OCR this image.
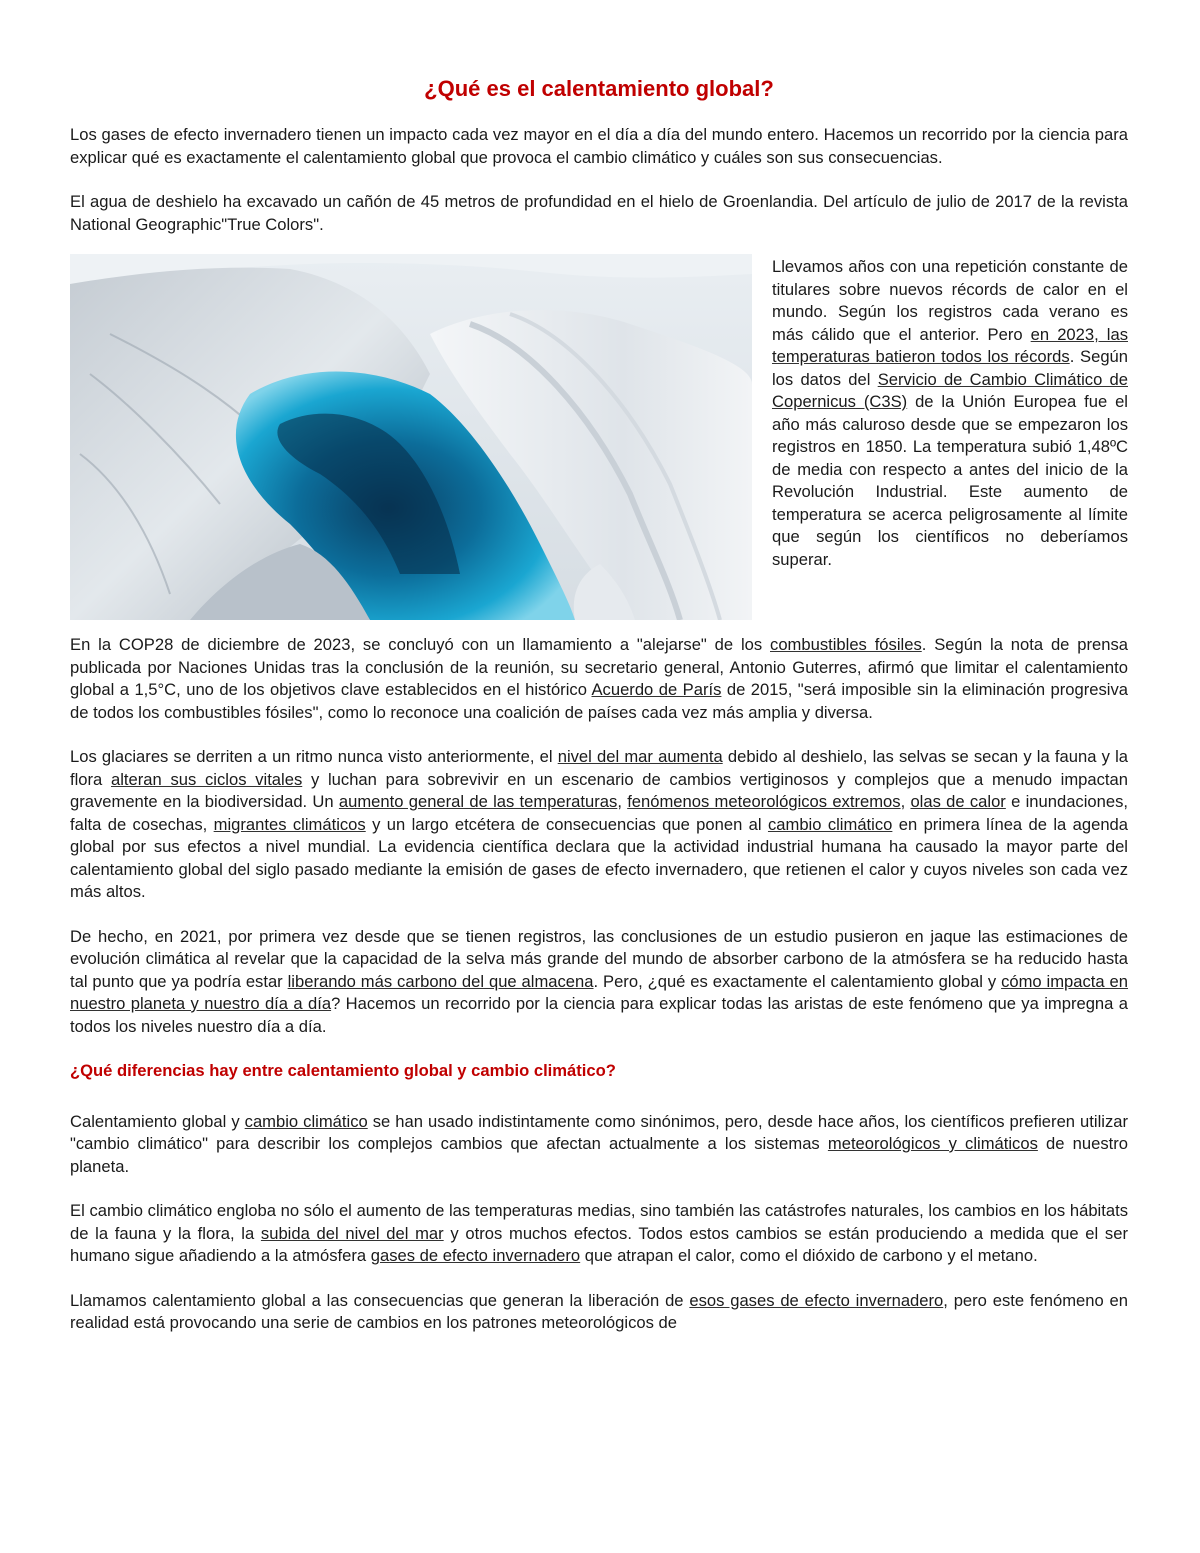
¿Qué es el calentamiento global?

Los gases de efecto invernadero tienen un impacto cada vez mayor en el día a día del mundo entero. Hacemos un recorrido por la ciencia para explicar qué es exactamente el calentamiento global que provoca el cambio climático y cuáles son sus consecuencias.

El agua de deshielo ha excavado un cañón de 45 metros de profundidad en el hielo de Groenlandia. Del artículo de julio de 2017 de la revista National Geographic"True Colors".

Llevamos años con una repetición constante de titulares sobre nuevos récords de calor en el mundo. Según los registros cada verano es más cálido que el anterior. Pero en 2023, las temperaturas batieron todos los récords. Según los datos del Servicio de Cambio Climático de Copernicus (C3S) de la Unión Europea fue el año más caluroso desde que se empezaron los registros en 1850. La temperatura subió 1,48ºC de media con respecto a antes del inicio de la Revolución Industrial. Este aumento de temperatura se acerca peligrosamente al límite que según los científicos no deberíamos superar.

En la COP28 de diciembre de 2023, se concluyó con un llamamiento a "alejarse" de los combustibles fósiles. Según la nota de prensa publicada por Naciones Unidas tras la conclusión de la reunión, su secretario general, Antonio Guterres, afirmó que limitar el calentamiento global a 1,5°C, uno de los objetivos clave establecidos en el histórico Acuerdo de París de 2015, "será imposible sin la eliminación progresiva de todos los combustibles fósiles", como lo reconoce una coalición de países cada vez más amplia y diversa.

Los glaciares se derriten a un ritmo nunca visto anteriormente, el nivel del mar aumenta debido al deshielo, las selvas se secan y la fauna y la flora alteran sus ciclos vitales y luchan para sobrevivir en un escenario de cambios vertiginosos y complejos que a menudo impactan gravemente en la biodiversidad. Un aumento general de las temperaturas, fenómenos meteorológicos extremos, olas de calor e inundaciones, falta de cosechas, migrantes climáticos y un largo etcétera de consecuencias que ponen al cambio climático en primera línea de la agenda global por sus efectos a nivel mundial. La evidencia científica declara que la actividad industrial humana ha causado la mayor parte del calentamiento global del siglo pasado mediante la emisión de gases de efecto invernadero, que retienen el calor y cuyos niveles son cada vez más altos.

De hecho, en 2021, por primera vez desde que se tienen registros, las conclusiones de un estudio pusieron en jaque las estimaciones de evolución climática al revelar que la capacidad de la selva más grande del mundo de absorber carbono de la atmósfera se ha reducido hasta tal punto que ya podría estar liberando más carbono del que almacena. Pero, ¿qué es exactamente el calentamiento global y cómo impacta en nuestro planeta y nuestro día a día? Hacemos un recorrido por la ciencia para explicar todas las aristas de este fenómeno que ya impregna a todos los niveles nuestro día a día.

¿Qué diferencias hay entre calentamiento global y cambio climático?

Calentamiento global y cambio climático se han usado indistintamente como sinónimos, pero, desde hace años, los científicos prefieren utilizar "cambio climático" para describir los complejos cambios que afectan actualmente a los sistemas meteorológicos y climáticos de nuestro planeta.

El cambio climático engloba no sólo el aumento de las temperaturas medias, sino también las catástrofes naturales, los cambios en los hábitats de la fauna y la flora, la subida del nivel del mar y otros muchos efectos. Todos estos cambios se están produciendo a medida que el ser humano sigue añadiendo a la atmósfera gases de efecto invernadero que atrapan el calor, como el dióxido de carbono y el metano.

Llamamos calentamiento global a las consecuencias que generan la liberación de esos gases de efecto invernadero, pero este fenómeno en realidad está provocando una serie de cambios en los patrones meteorológicos de
